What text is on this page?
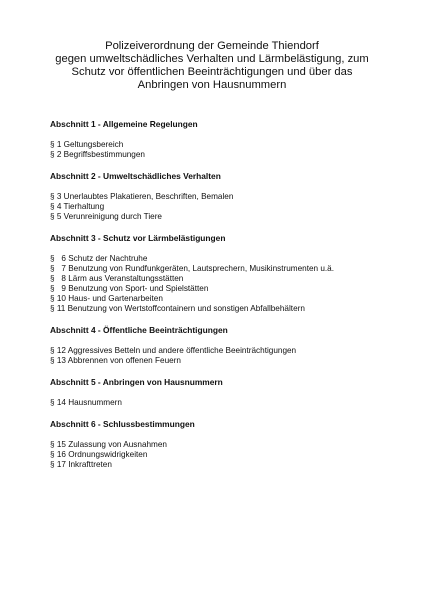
Polizeiverordnung der Gemeinde Thiendorf
gegen umweltschädliches Verhalten und Lärmbelästigung, zum
Schutz vor öffentlichen Beeinträchtigungen und über das
Anbringen von Hausnummern
Abschnitt 1 - Allgemeine Regelungen
§ 1 Geltungsbereich
§ 2 Begriffsbestimmungen
Abschnitt 2 - Umweltschädliches Verhalten
§ 3 Unerlaubtes Plakatieren, Beschriften, Bemalen
§ 4 Tierhaltung
§ 5 Verunreinigung durch Tiere
Abschnitt 3 - Schutz vor Lärmbelästigungen
§   6 Schutz der Nachtruhe
§   7 Benutzung von Rundfunkgeräten, Lautsprechern, Musikinstrumenten u.ä.
§   8 Lärm aus Veranstaltungsstätten
§   9 Benutzung von Sport- und Spielstätten
§ 10 Haus- und Gartenarbeiten
§ 11 Benutzung von Wertstoffcontainern und sonstigen Abfallbehältern
Abschnitt 4 - Öffentliche Beeinträchtigungen
§ 12 Aggressives Betteln und andere öffentliche Beeinträchtigungen
§ 13 Abbrennen von offenen Feuern
Abschnitt 5 - Anbringen von Hausnummern
§ 14 Hausnummern
Abschnitt 6 - Schlussbestimmungen
§ 15 Zulassung von Ausnahmen
§ 16 Ordnungswidrigkeiten
§ 17 Inkrafttreten
